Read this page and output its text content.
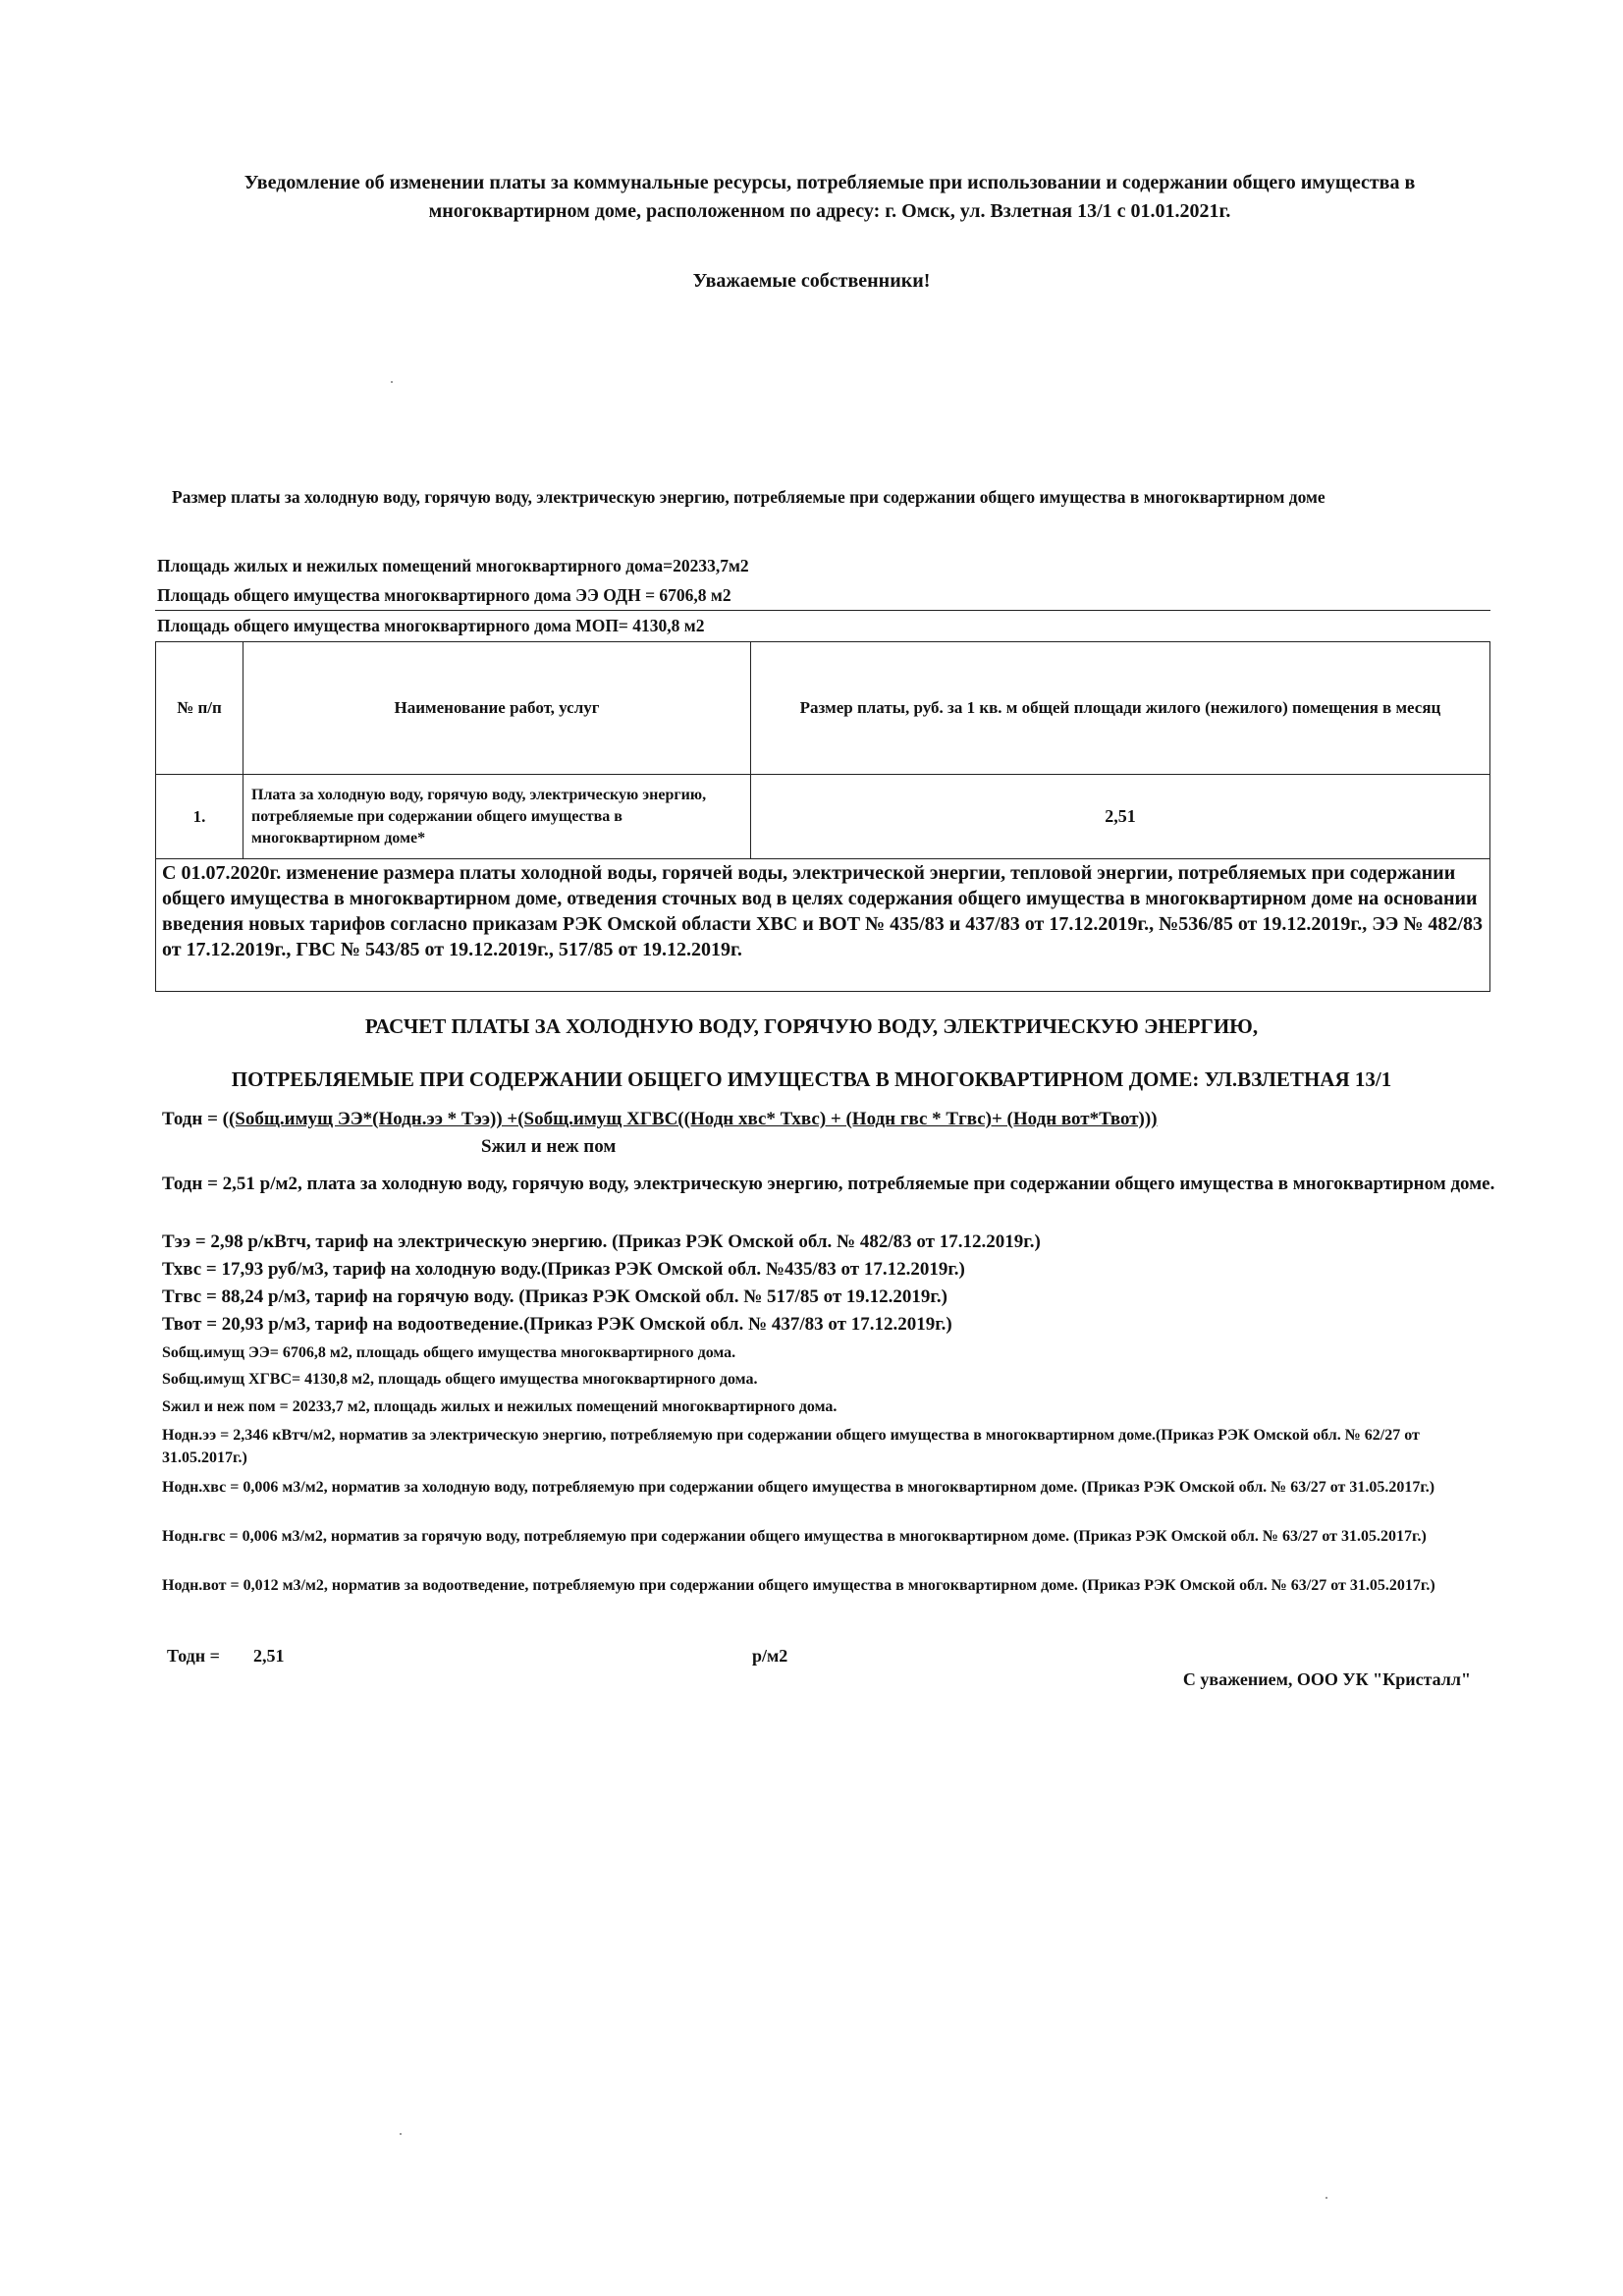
Уведомление об изменении платы за коммунальные ресурсы, потребляемые при использовании и содержании общего имущества в
многоквартирном доме, расположенном по адресу: г. Омск, ул. Взлетная 13/1 с 01.01.2021г.
Уважаемые собственники!
Размер платы за холодную воду, горячую воду, электрическую энергию, потребляемые при содержании общего имущества в многоквартирном доме
Площадь жилых и нежилых помещений многоквартирного дома=20233,7м2
Площадь общего имущества многоквартирного дома ЭЭ ОДН = 6706,8 м2
Площадь общего имущества многоквартирного дома МОП= 4130,8 м2
№ п/п	Наименование работ, услуг	Размер платы, руб. за 1 кв. м общей площади жилого (нежилого) помещения в месяц
1.	Плата за холодную воду, горячую воду, электрическую энергию, потребляемые при содержании общего имущества в многоквартирном доме*	2,51
С 01.07.2020г. изменение размера платы холодной воды, горячей воды, электрической энергии, тепловой энергии, потребляемых при содержании общего имущества в многоквартирном доме, отведения сточных вод в целях содержания общего имущества в многоквартирном доме на основании введения новых тарифов согласно приказам РЭК Омской области ХВС и ВОТ № 435/83 и 437/83 от 17.12.2019г., №536/85 от 19.12.2019г., ЭЭ № 482/83 от 17.12.2019г., ГВС № 543/85 от 19.12.2019г., 517/85 от 19.12.2019г.
РАСЧЕТ ПЛАТЫ ЗА ХОЛОДНУЮ ВОДУ, ГОРЯЧУЮ ВОДУ, ЭЛЕКТРИЧЕСКУЮ ЭНЕРГИЮ,
ПОТРЕБЛЯЕМЫЕ ПРИ СОДЕРЖАНИИ ОБЩЕГО ИМУЩЕСТВА В МНОГОКВАРТИРНОМ ДОМЕ: УЛ.ВЗЛЕТНАЯ 13/1
Тодн = ((Sобщ.имущ ЭЭ*(Нодн.ээ * Тээ)) +(Sобщ.имущ ХГВС((Нодн хвс* Тхвс) + (Нодн гвс * Тгвс)+ (Нодн вот*Твот)))
Sжил и неж пом
Тодн = 2,51 р/м2, плата за холодную воду, горячую воду, электрическую энергию, потребляемые при содержании общего имущества в многоквартирном доме.
Тээ = 2,98 р/кВтч, тариф на электрическую энергию. (Приказ РЭК Омской обл. № 482/83 от 17.12.2019г.)
Тхвс = 17,93 руб/м3, тариф на холодную воду.(Приказ РЭК Омской обл. №435/83 от 17.12.2019г.)
Тгвс = 88,24 р/м3, тариф на горячую воду. (Приказ РЭК Омской обл. № 517/85 от 19.12.2019г.)
Твот = 20,93 р/м3, тариф на водоотведение.(Приказ РЭК Омской обл. № 437/83 от 17.12.2019г.)
Sобщ.имущ ЭЭ= 6706,8 м2, площадь общего имущества многоквартирного дома.
Sобщ.имущ ХГВС= 4130,8 м2, площадь общего имущества многоквартирного дома.
Sжил и неж пом = 20233,7 м2, площадь жилых и нежилых помещений многоквартирного дома.
Нодн.ээ = 2,346 кВтч/м2, норматив за электрическую энергию, потребляемую при содержании общего имущества в многоквартирном доме.(Приказ РЭК Омской обл. № 62/27 от 31.05.2017г.)
Нодн.хвс = 0,006 м3/м2, норматив за холодную воду, потребляемую при содержании общего имущества в многоквартирном доме. (Приказ РЭК Омской обл. № 63/27 от 31.05.2017г.)
Нодн.гвс = 0,006 м3/м2, норматив за горячую воду, потребляемую при содержании общего имущества в многоквартирном доме. (Приказ РЭК Омской обл. № 63/27 от 31.05.2017г.)
Нодн.вот = 0,012 м3/м2, норматив за водоотведение, потребляемую при содержании общего имущества в многоквартирном доме. (Приказ РЭК Омской обл. № 63/27 от 31.05.2017г.)
Тодн = 2,51	р/м2
С уважением, ООО УК "Кристалл"
